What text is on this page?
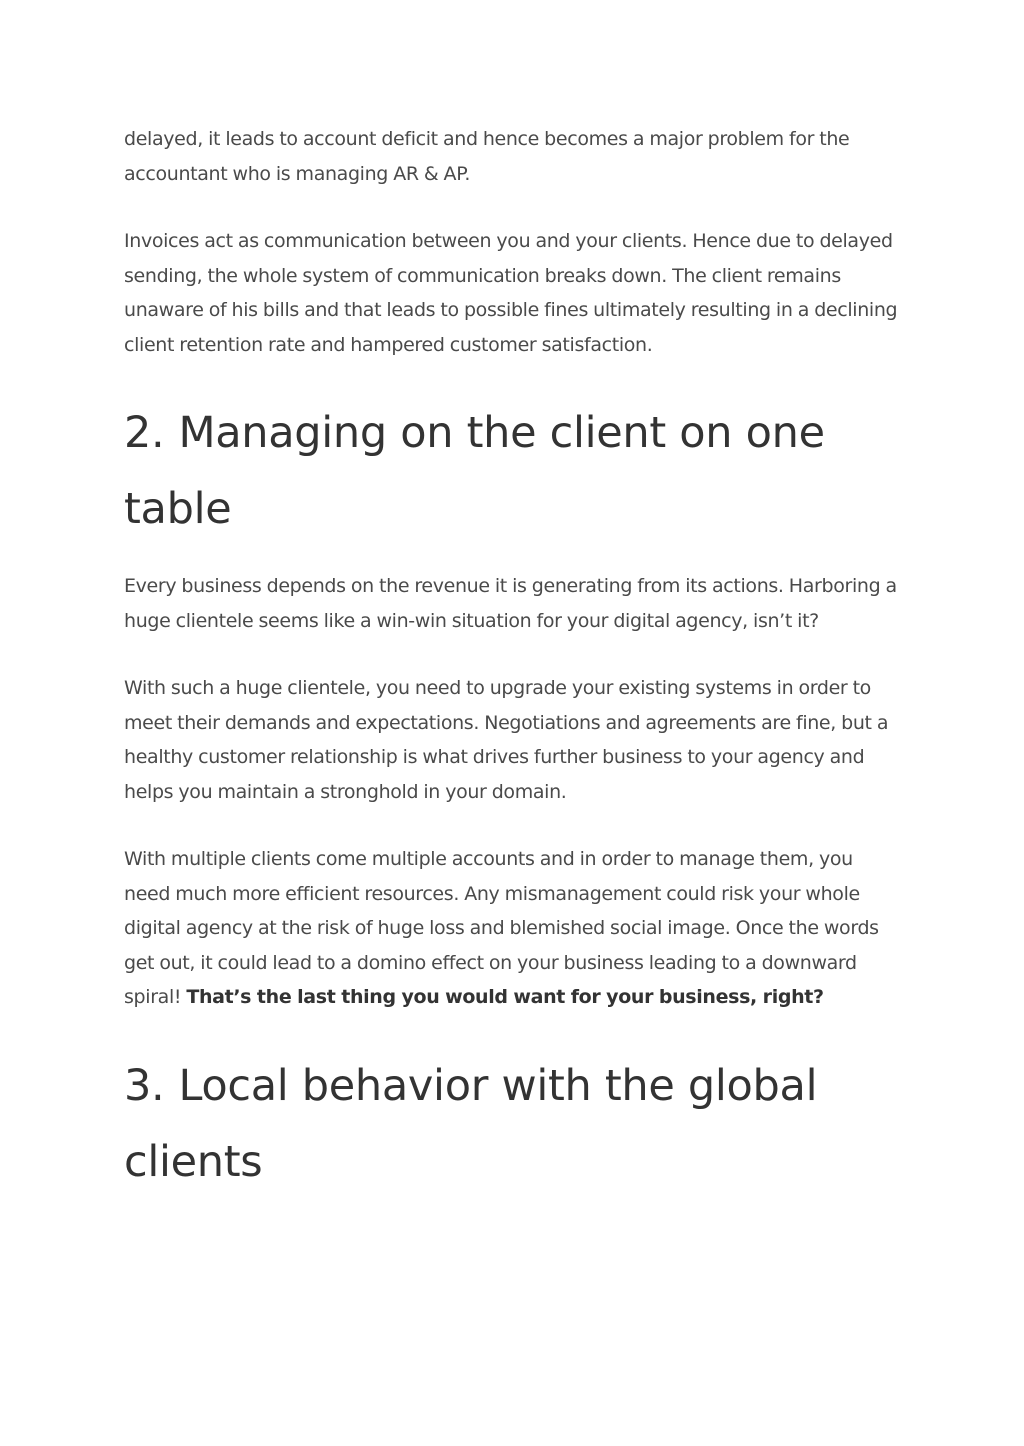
delayed, it leads to account deficit and hence becomes a major problem for the accountant who is managing AR & AP.

Invoices act as communication between you and your clients. Hence due to delayed sending, the whole system of communication breaks down. The client remains unaware of his bills and that leads to possible fines ultimately resulting in a declining client retention rate and hampered customer satisfaction.

2. Managing on the client on one table

Every business depends on the revenue it is generating from its actions. Harboring a huge clientele seems like a win-win situation for your digital agency, isn’t it?

With such a huge clientele, you need to upgrade your existing systems in order to meet their demands and expectations. Negotiations and agreements are fine, but a healthy customer relationship is what drives further business to your agency and helps you maintain a stronghold in your domain.

With multiple clients come multiple accounts and in order to manage them, you need much more efficient resources. Any mismanagement could risk your whole digital agency at the risk of huge loss and blemished social image. Once the words get out, it could lead to a domino effect on your business leading to a downward spiral! That’s the last thing you would want for your business, right?

3. Local behavior with the global clients
